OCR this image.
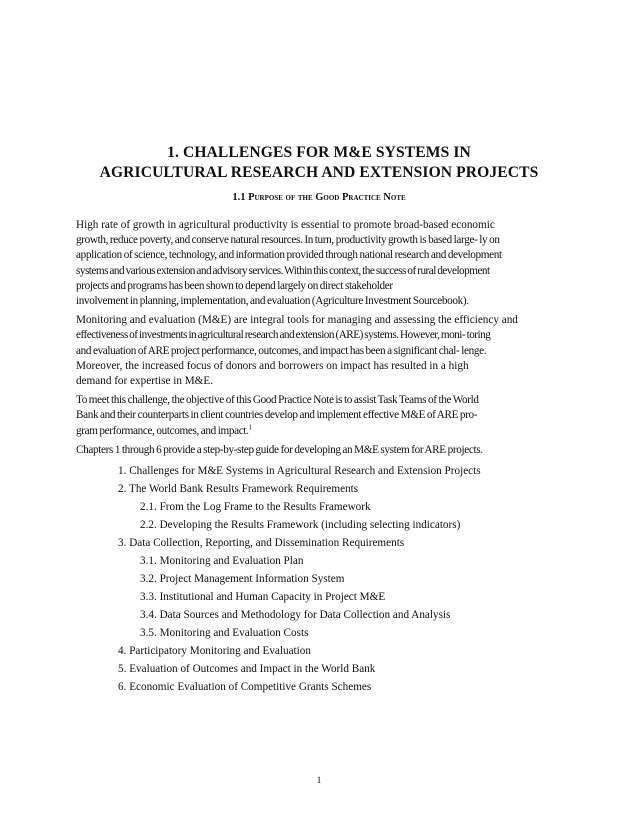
1. CHALLENGES FOR M&E SYSTEMS IN
AGRICULTURAL RESEARCH AND EXTENSION PROJECTS
1.1 Purpose of the Good Practice Note

High rate of growth in agricultural productivity is essential to promote broad-based economic
growth, reduce poverty, and conserve natural resources. In turn, productivity growth is based large- ly on
application of science, technology, and information provided through national research and development
systems and various extension and advisory services. Within this context, the success of rural development
projects and programs has been shown to depend largely on direct stakeholder
involvement in planning, implementation, and evaluation (Agriculture Investment Sourcebook).

Monitoring and evaluation (M&E) are integral tools for managing and assessing the efficiency and
effectiveness of investments in agricultural research and extension (ARE) systems. However, moni- toring
and evaluation of ARE project performance, outcomes, and impact has been a significant chal- lenge.
Moreover, the increased focus of donors and borrowers on impact has resulted in a high
demand for expertise in M&E.

To meet this challenge, the objective of this Good Practice Note is to assist Task Teams of the World
Bank and their counterparts in client countries develop and implement effective M&E of ARE pro-
gram performance, outcomes, and impact.$^1$

Chapters 1 through 6 provide a step-by-step guide for developing an M&E system for ARE projects.

1. Challenges for M&E Systems in Agricultural Research and Extension Projects
2. The World Bank Results Framework Requirements
2.1. From the Log Frame to the Results Framework
2.2. Developing the Results Framework (including selecting indicators)
3. Data Collection, Reporting, and Dissemination Requirements
3.1. Monitoring and Evaluation Plan
3.2. Project Management Information System
3.3. Institutional and Human Capacity in Project M&E
3.4. Data Sources and Methodology for Data Collection and Analysis
3.5. Monitoring and Evaluation Costs
4. Participatory Monitoring and Evaluation
5. Evaluation of Outcomes and Impact in the World Bank
6. Economic Evaluation of Competitive Grants Schemes
1
